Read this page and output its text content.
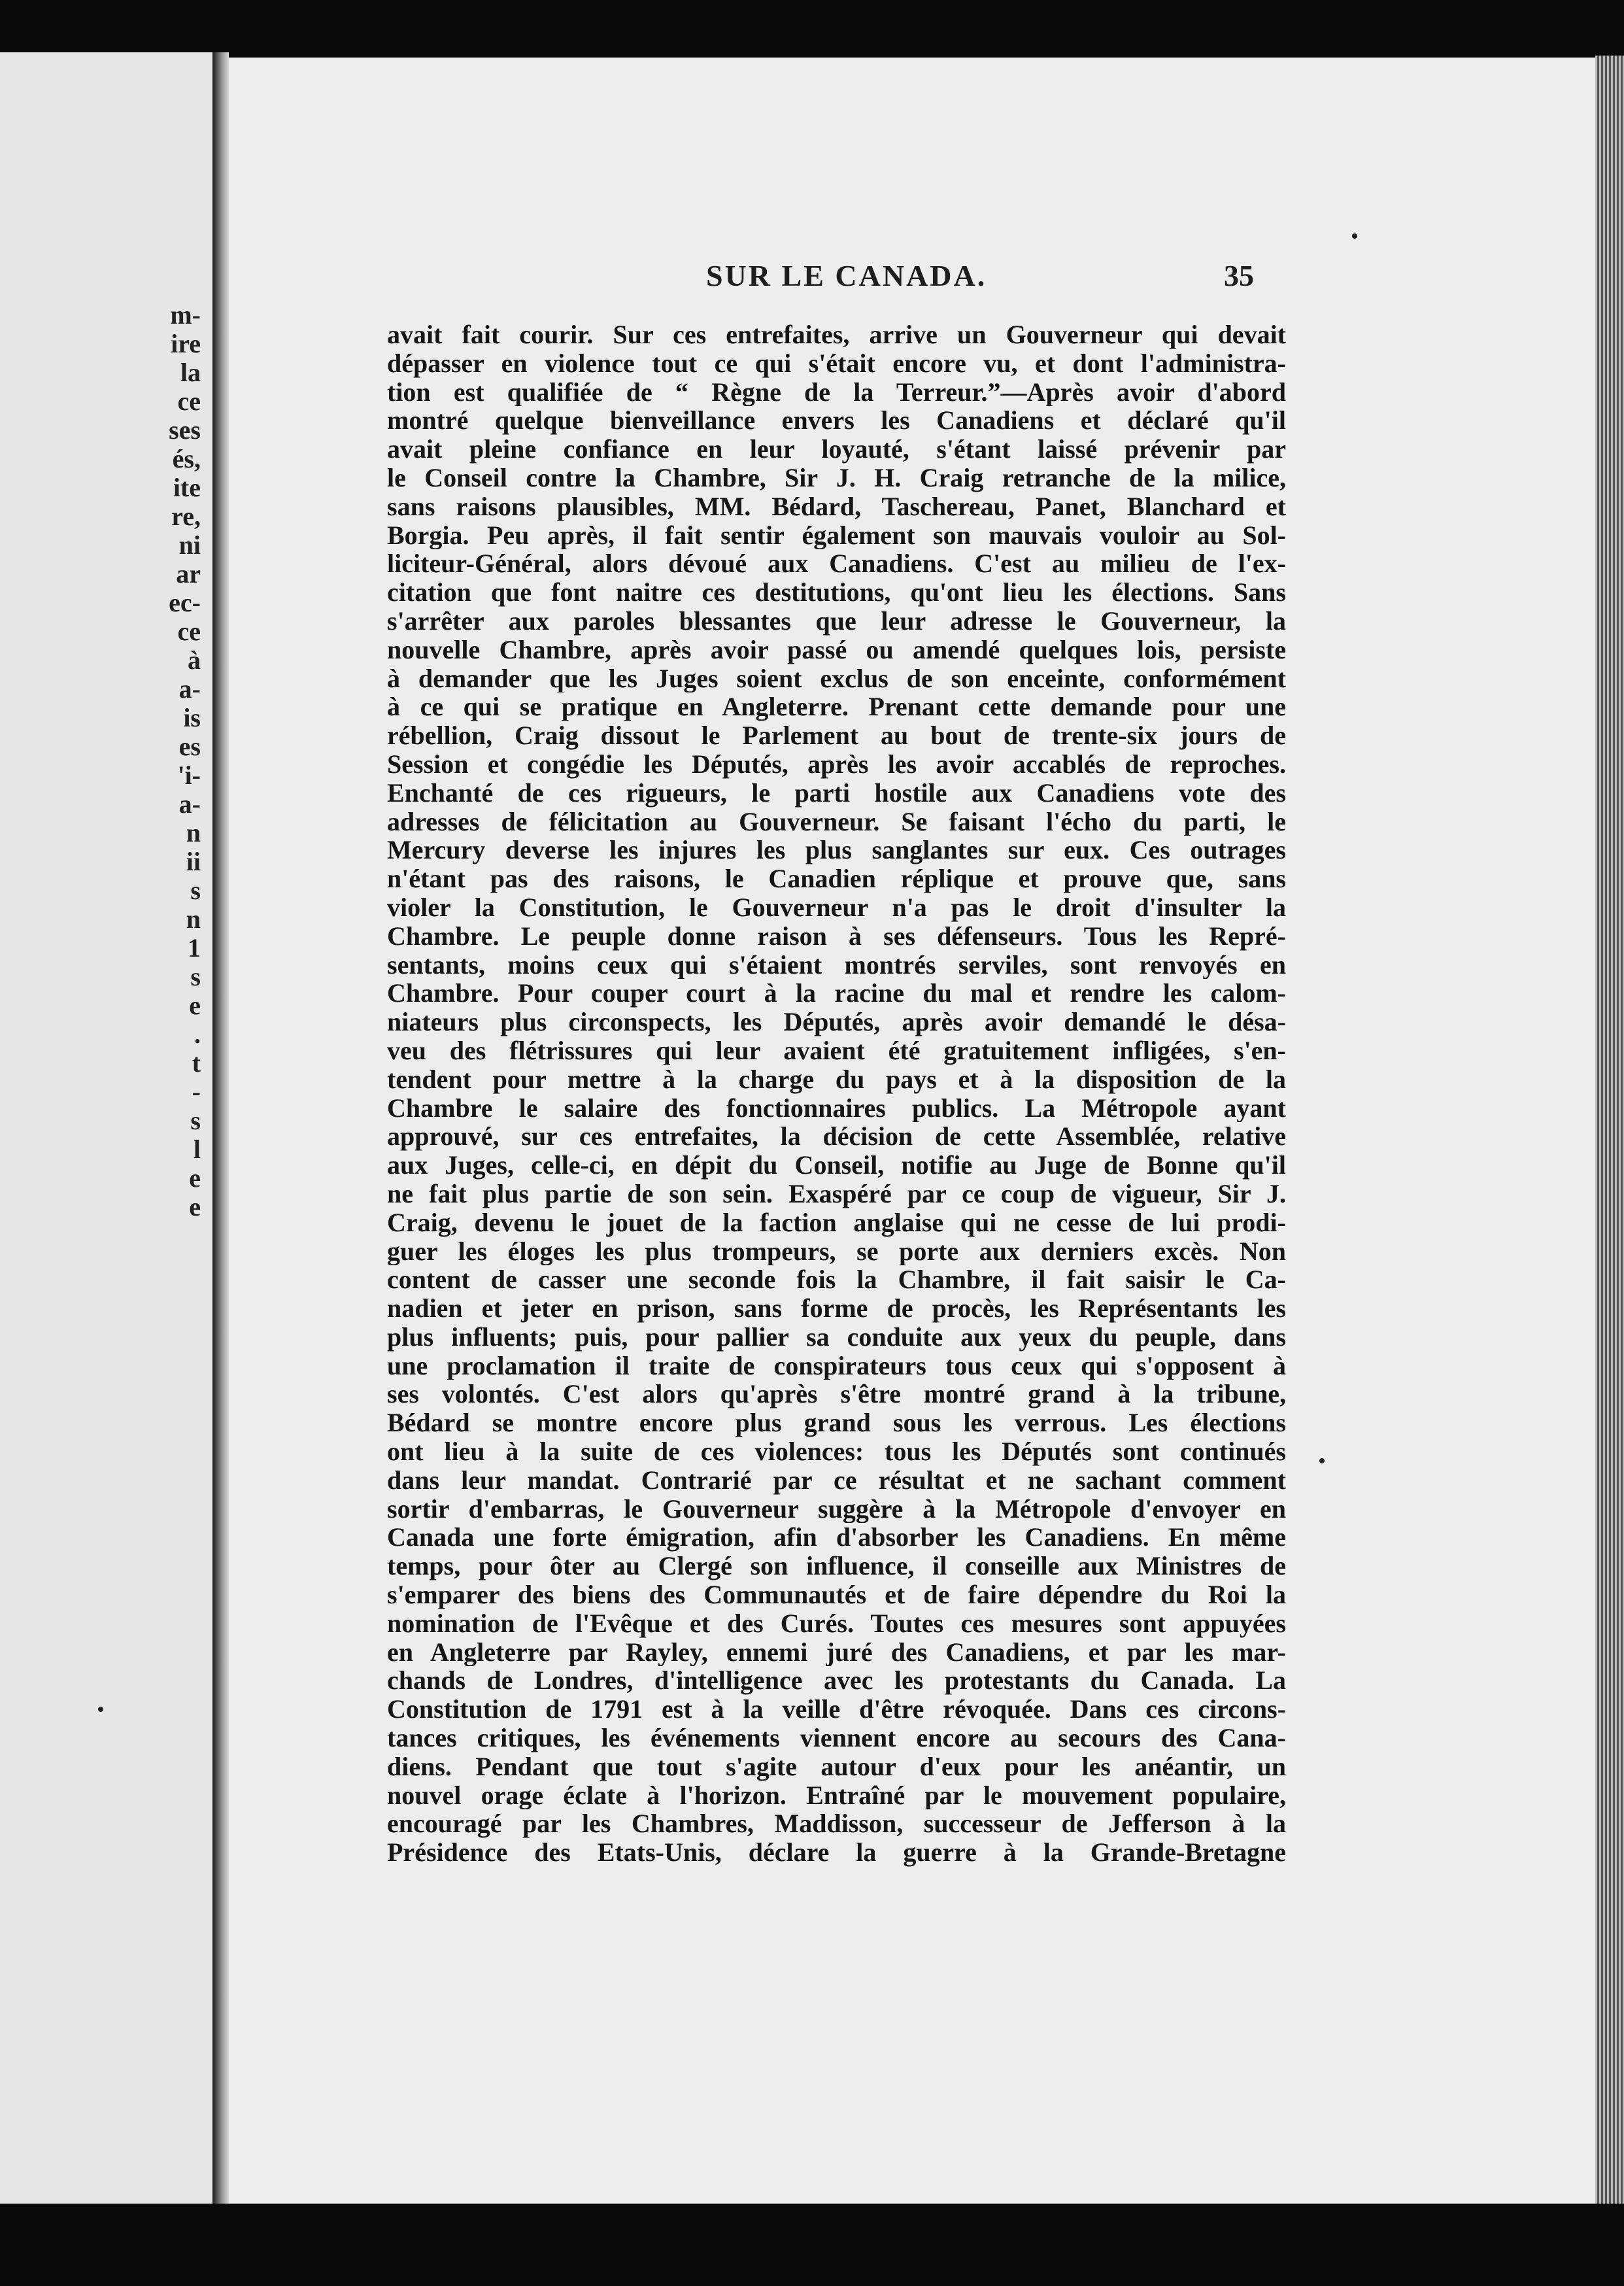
m-
ire
la
ce
ses
és,
ite
re,
ni
ar
ec-
ce
à
a-
is
es
'i-
a-
n
ii
s
n
1
s
e
.
t
-
s
l
e
e
SUR LE CANADA.	35
avait fait courir. Sur ces entrefaites, arrive un Gouverneur qui devait
dépasser en violence tout ce qui s'était encore vu, et dont l'administra-
tion est qualifiée de “ Règne de la Terreur.”—Après avoir d'abord
montré quelque bienveillance envers les Canadiens et déclaré qu'il
avait pleine confiance en leur loyauté, s'étant laissé prévenir par
le Conseil contre la Chambre, Sir J. H. Craig retranche de la milice,
sans raisons plausibles, MM. Bédard, Taschereau, Panet, Blanchard et
Borgia. Peu après, il fait sentir également son mauvais vouloir au Sol-
liciteur-Général, alors dévoué aux Canadiens. C'est au milieu de l'ex-
citation que font naitre ces destitutions, qu'ont lieu les élections. Sans
s'arrêter aux paroles blessantes que leur adresse le Gouverneur, la
nouvelle Chambre, après avoir passé ou amendé quelques lois, persiste
à demander que les Juges soient exclus de son enceinte, conformément
à ce qui se pratique en Angleterre. Prenant cette demande pour une
rébellion, Craig dissout le Parlement au bout de trente-six jours de
Session et congédie les Députés, après les avoir accablés de reproches.
Enchanté de ces rigueurs, le parti hostile aux Canadiens vote des
adresses de félicitation au Gouverneur. Se faisant l'écho du parti, le
Mercury deverse les injures les plus sanglantes sur eux. Ces outrages
n'étant pas des raisons, le Canadien réplique et prouve que, sans
violer la Constitution, le Gouverneur n'a pas le droit d'insulter la
Chambre. Le peuple donne raison à ses défenseurs. Tous les Repré-
sentants, moins ceux qui s'étaient montrés serviles, sont renvoyés en
Chambre. Pour couper court à la racine du mal et rendre les calom-
niateurs plus circonspects, les Députés, après avoir demandé le désa-
veu des flétrissures qui leur avaient été gratuitement infligées, s'en-
tendent pour mettre à la charge du pays et à la disposition de la
Chambre le salaire des fonctionnaires publics. La Métropole ayant
approuvé, sur ces entrefaites, la décision de cette Assemblée, relative
aux Juges, celle-ci, en dépit du Conseil, notifie au Juge de Bonne qu'il
ne fait plus partie de son sein. Exaspéré par ce coup de vigueur, Sir J.
Craig, devenu le jouet de la faction anglaise qui ne cesse de lui prodi-
guer les éloges les plus trompeurs, se porte aux derniers excès. Non
content de casser une seconde fois la Chambre, il fait saisir le Ca-
nadien et jeter en prison, sans forme de procès, les Représentants les
plus influents; puis, pour pallier sa conduite aux yeux du peuple, dans
une proclamation il traite de conspirateurs tous ceux qui s'opposent à
ses volontés. C'est alors qu'après s'être montré grand à la tribune,
Bédard se montre encore plus grand sous les verrous. Les élections
ont lieu à la suite de ces violences: tous les Députés sont continués
dans leur mandat. Contrarié par ce résultat et ne sachant comment
sortir d'embarras, le Gouverneur suggère à la Métropole d'envoyer en
Canada une forte émigration, afin d'absorber les Canadiens. En même
temps, pour ôter au Clergé son influence, il conseille aux Ministres de
s'emparer des biens des Communautés et de faire dépendre du Roi la
nomination de l'Evêque et des Curés. Toutes ces mesures sont appuyées
en Angleterre par Rayley, ennemi juré des Canadiens, et par les mar-
chands de Londres, d'intelligence avec les protestants du Canada. La
Constitution de 1791 est à la veille d'être révoquée. Dans ces circons-
tances critiques, les événements viennent encore au secours des Cana-
diens. Pendant que tout s'agite autour d'eux pour les anéantir, un
nouvel orage éclate à l'horizon. Entraîné par le mouvement populaire,
encouragé par les Chambres, Maddisson, successeur de Jefferson à la
Présidence des Etats-Unis, déclare la guerre à la Grande-Bretagne
